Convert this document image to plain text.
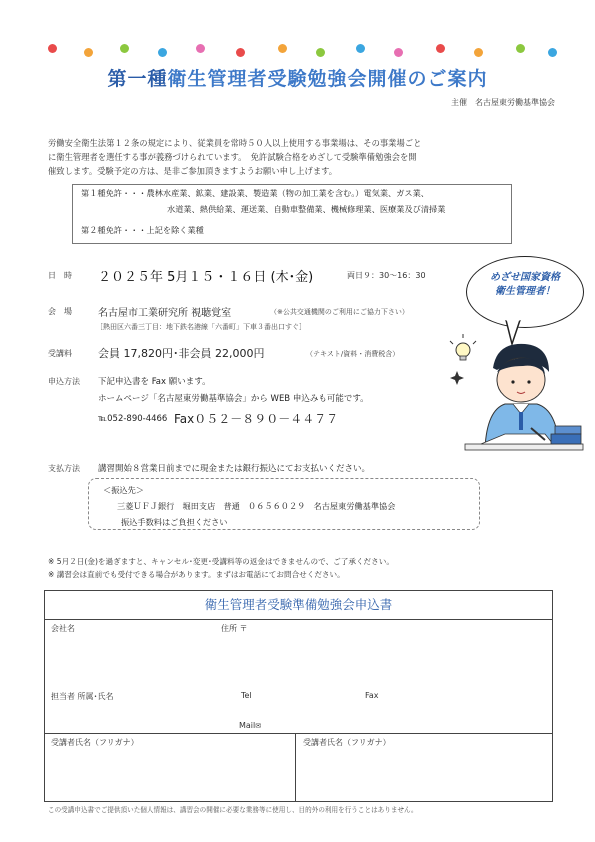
第一種衛生管理者受験勉強会開催のご案内
主催　名古屋東労働基準協会
労働安全衛生法第１２条の規定により、従業員を常時５０人以上使用する事業場は、その事業場ごと
に衛生管理者を選任する事が義務づけられています。　免許試験合格をめざして受験準備勉強会を開
催致します。受験予定の方は、是非ご参加頂きますようお願い申し上げます。
第１種免許・・・農林水産業、鉱業、建設業、製造業（物の加工業を含む。）電気業、ガス業、
水道業、熱供給業、運送業、自動車整備業、機械修理業、医療業及び清掃業
第２種免許・・・上記を除く業種
日　時 ２０２５年 5月１５・１６日 (木･金)	両日９：30〜16：30
会　場	名古屋市工業研究所 視聴覚室	（※公共交通機関のご利用にご協力下さい）
［熱田区六番三丁目：地下鉄名港線「六番町」下車３番出口すぐ］
受講料 会員 17,820円･非会員 22,000円	（テキスト/資料・消費税含）
申込方法 下記申込書を Fax 願います。
ホームページ「名古屋東労働基準協会」から WEB 申込みも可能です。
℡052-890-4466 Fax０５２－８９０－４４７７
支払方法 講習開始８営業日前までに現金または銀行振込にてお支払いください。
＜振込先＞
三菱ＵＦＪ銀行　堀田支店　普通　０６５６０２９　名古屋東労働基準協会
振込手数料はご負担ください
めざせ国家資格
衛生管理者！
※ 5月２日(金)を過ぎますと、キャンセル･変更･受講料等の返金はできませんので、ご了承ください。
※ 講習会は直前でも受付できる場合があります。まずはお電話にてお問合せください。
衛生管理者受験準備勉強会申込書
会社名	住所 〒
担当者 所属･氏名	Tel	Fax
Mail✉
受講者氏名（フリガナ）	受講者氏名（フリガナ）
この受講申込書でご提供頂いた個人情報は、講習会の開催に必要な業務等に使用し、目的外の利用を行うことはありません。
